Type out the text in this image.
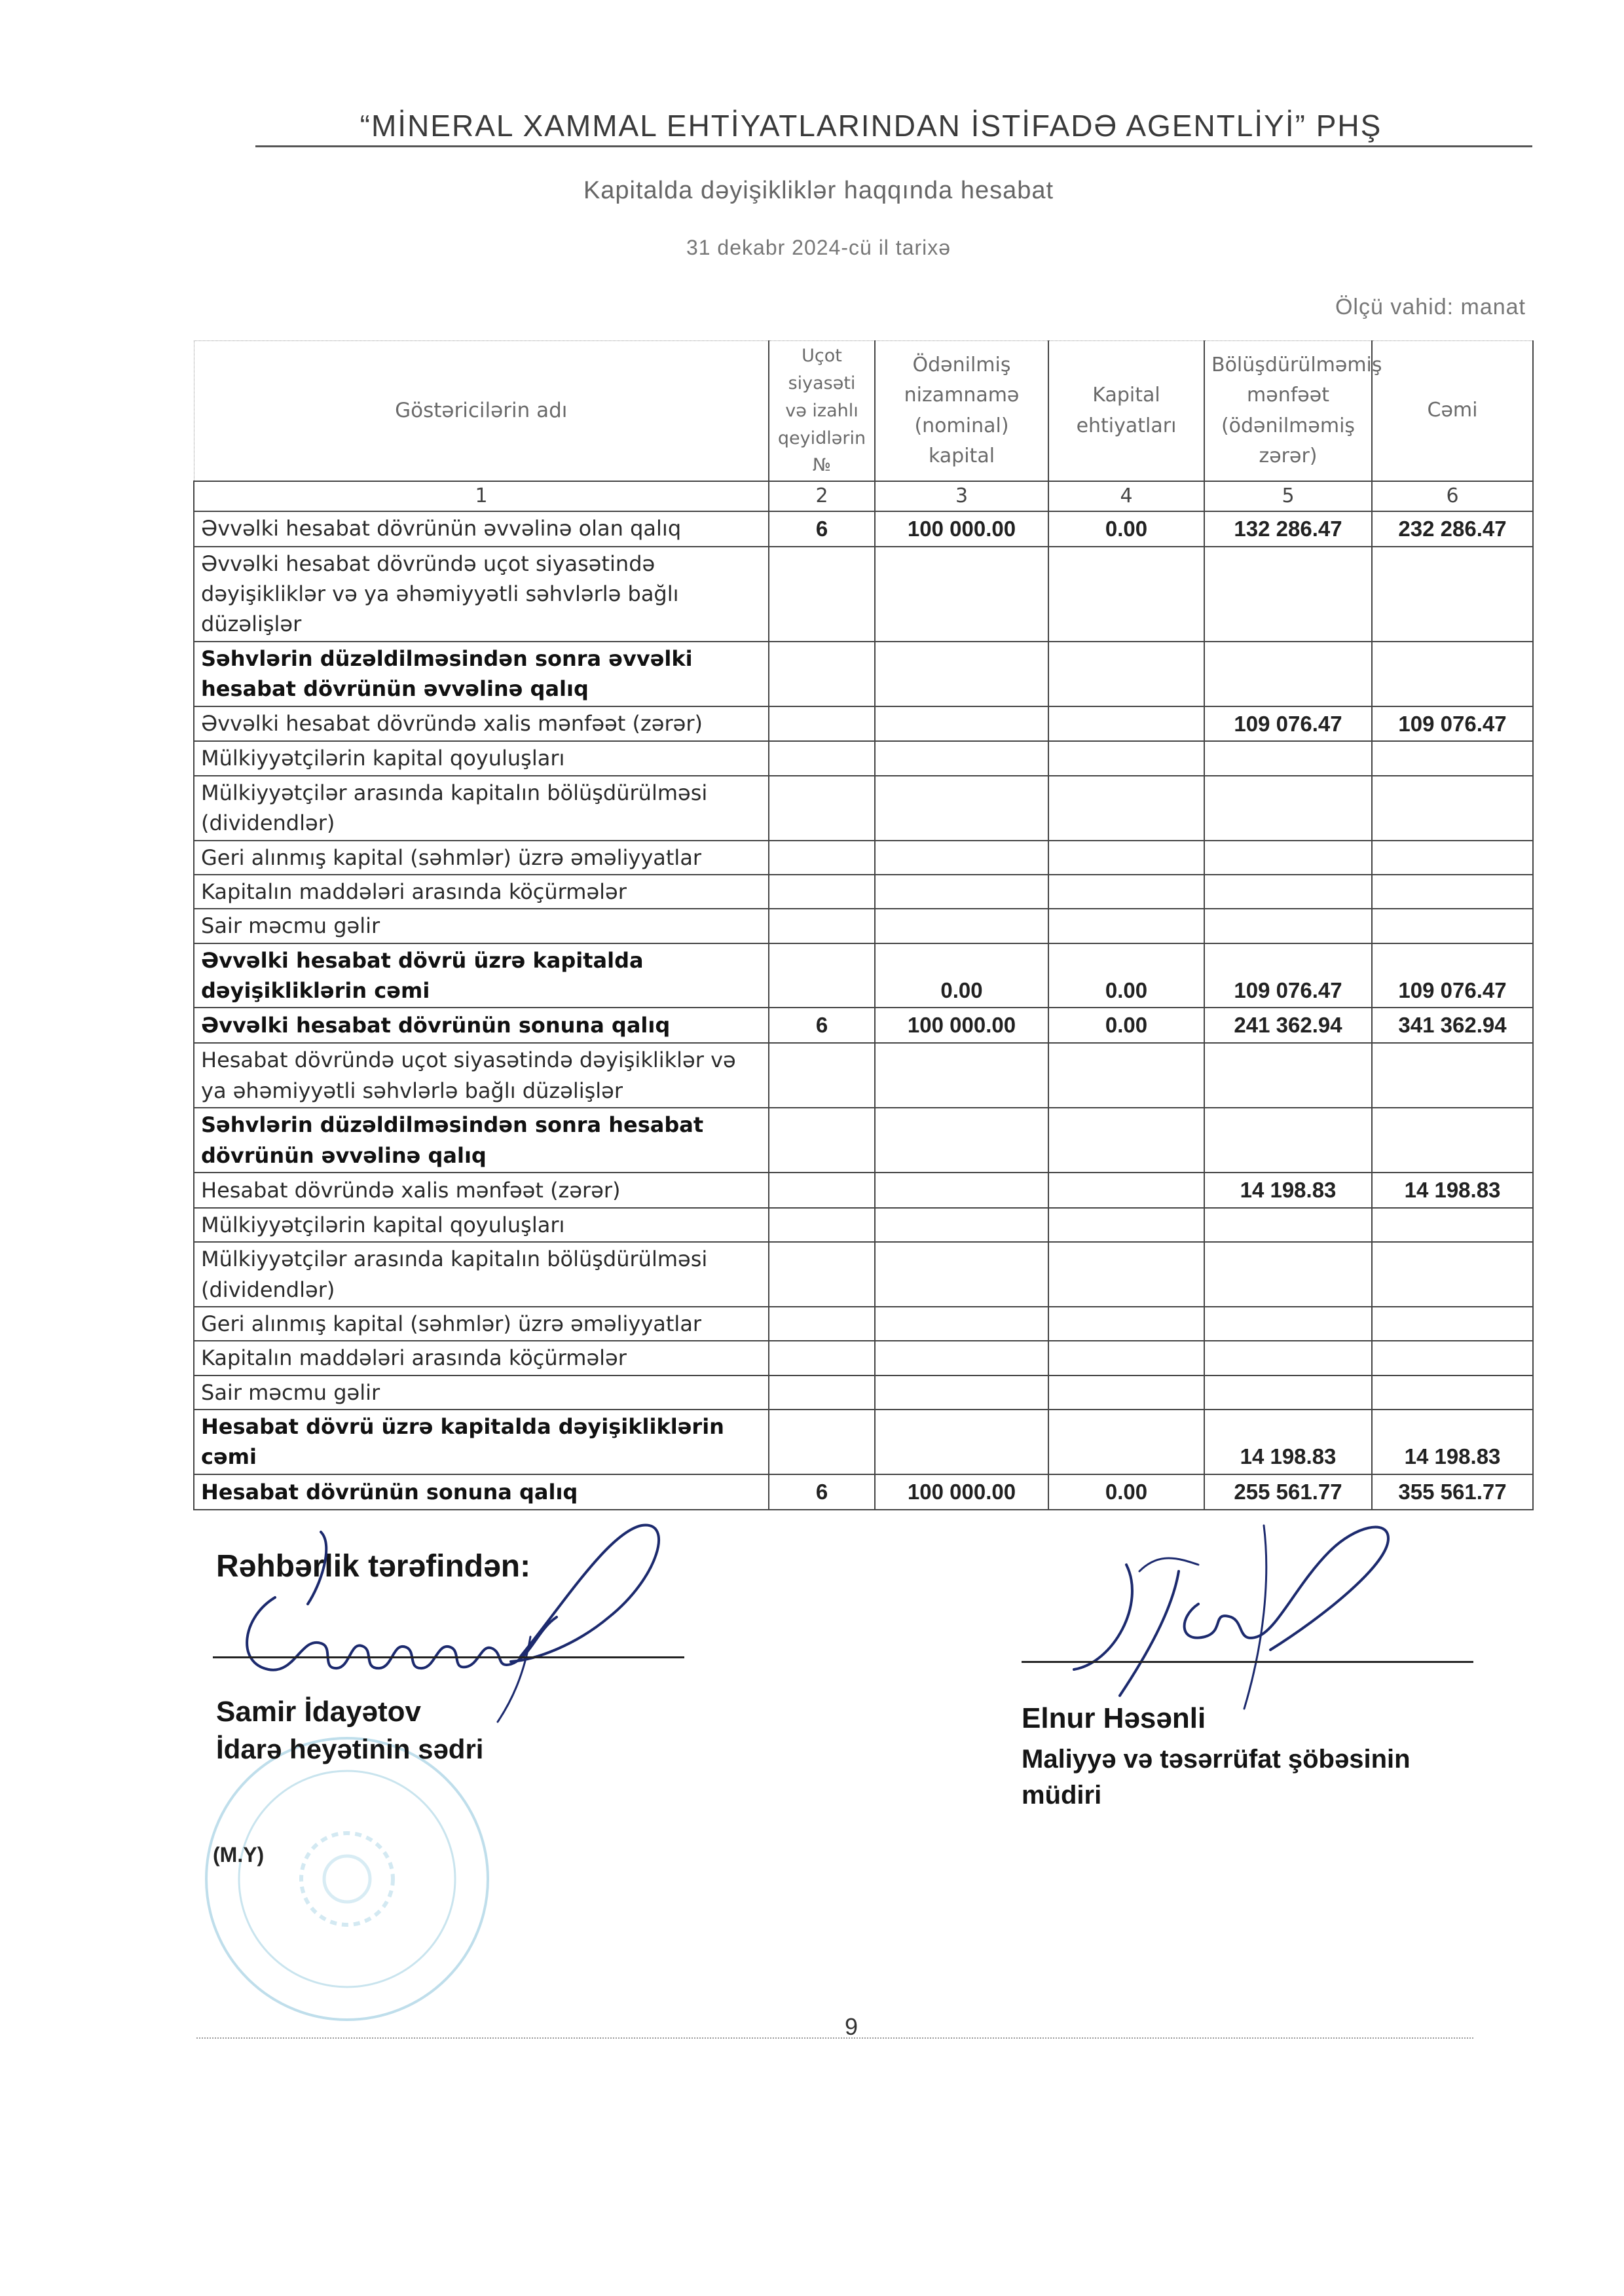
“MİNERAL XAMMAL EHTİYATLARINDAN İSTİFADƏ AGENTLİYİ” PHŞ
Kapitalda dəyişikliklər haqqında hesabat
31 dekabr 2024-cü il tarixə
Ölçü vahid: manat
Göstəricilərin adı	Uçot siyasəti və izahlı qeyidlərin №	Ödənilmiş nizamnamə (nominal) kapital	Kapital ehtiyatları	Bölüşdürülməmiş mənfəət (ödənilməmiş zərər)	Cəmi
1	2	3	4	5	6
Əvvəlki hesabat dövrünün əvvəlinə olan qalıq	6	100 000.00	0.00	132 286.47	232 286.47
Əvvəlki hesabat dövründə uçot siyasətində dəyişikliklər və ya əhəmiyyətli səhvlərlə bağlı düzəlişlər					
Səhvlərin düzəldilməsindən sonra əvvəlki hesabat dövrünün əvvəlinə qalıq					
Əvvəlki hesabat dövründə xalis mənfəət (zərər)				109 076.47	109 076.47
Mülkiyyətçilərin kapital qoyuluşları					
Mülkiyyətçilər arasında kapitalın bölüşdürülməsi (dividendlər)					
Geri alınmış kapital (səhmlər) üzrə əməliyyatlar					
Kapitalın maddələri arasında köçürmələr					
Sair məcmu gəlir					
Əvvəlki hesabat dövrü üzrə kapitalda dəyişikliklərin cəmi		0.00	0.00	109 076.47	109 076.47
Əvvəlki hesabat dövrünün sonuna qalıq	6	100 000.00	0.00	241 362.94	341 362.94
Hesabat dövründə uçot siyasətində dəyişikliklər və ya əhəmiyyətli səhvlərlə bağlı düzəlişlər					
Səhvlərin düzəldilməsindən sonra hesabat dövrünün əvvəlinə qalıq					
Hesabat dövründə xalis mənfəət (zərər)				14 198.83	14 198.83
Mülkiyyətçilərin kapital qoyuluşları					
Mülkiyyətçilər arasında kapitalın bölüşdürülməsi (dividendlər)					
Geri alınmış kapital (səhmlər) üzrə əməliyyatlar					
Kapitalın maddələri arasında köçürmələr					
Sair məcmu gəlir					
Hesabat dövrü üzrə kapitalda dəyişikliklərin cəmi				14 198.83	14 198.83
Hesabat dövrünün sonuna qalıq	6	100 000.00	0.00	255 561.77	355 561.77
Rəhbərlik tərəfindən:
Samir İdayətov
İdarə heyətinin sədri
(M.Y)
Elnur Həsənli
Maliyyə və təsərrüfat şöbəsinin
müdiri
9
